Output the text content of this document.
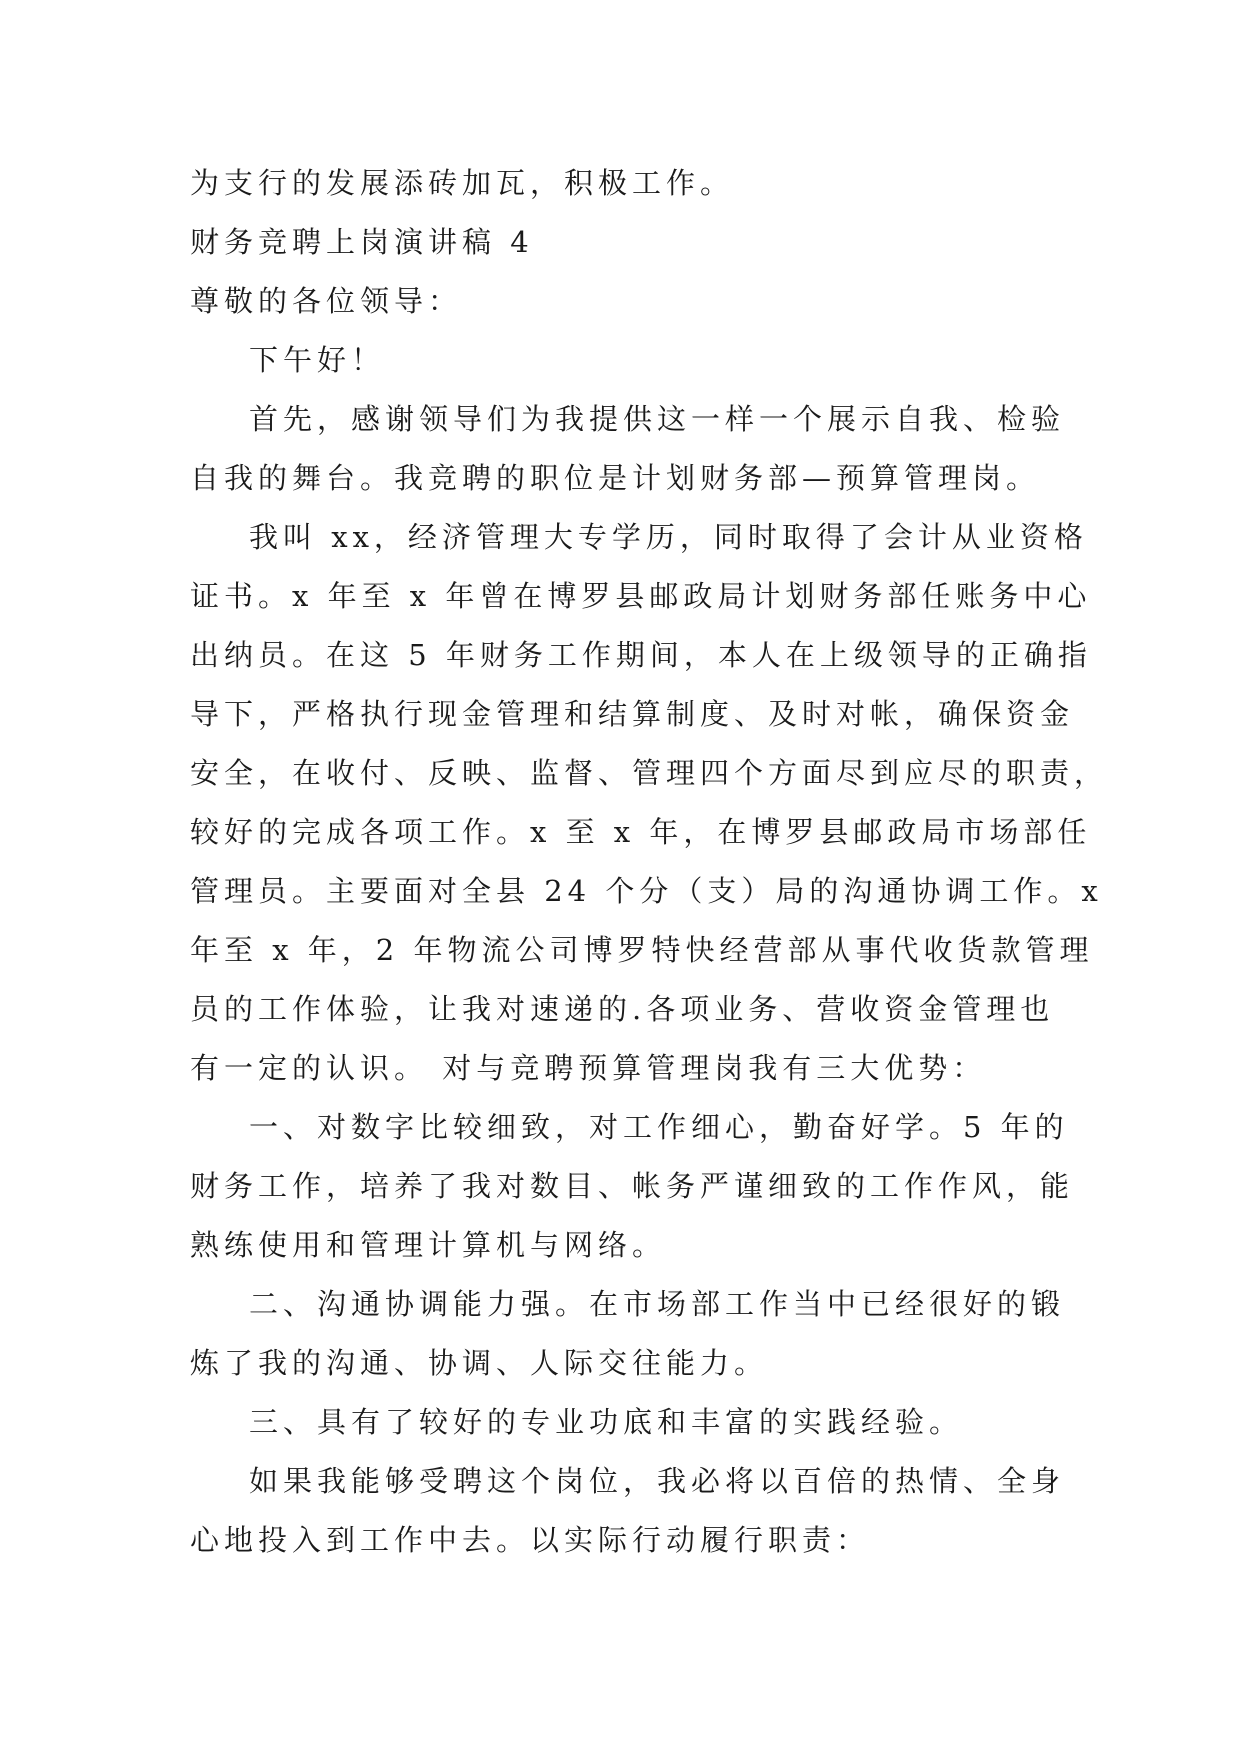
为支行的发展添砖加瓦，积极工作。

财务竞聘上岗演讲稿 4

尊敬的各位领导：

下午好！

首先，感谢领导们为我提供这一样一个展示自我、检验

自我的舞台。我竞聘的职位是计划财务部—预算管理岗。

我叫 xx，经济管理大专学历，同时取得了会计从业资格

证书。x 年至 x 年曾在博罗县邮政局计划财务部任账务中心

出纳员。在这 5 年财务工作期间，本人在上级领导的正确指

导下，严格执行现金管理和结算制度、及时对帐，确保资金

安全，在收付、反映、监督、管理四个方面尽到应尽的职责，

较好的完成各项工作。x 至 x 年，在博罗县邮政局市场部任

管理员。主要面对全县 24 个分（支）局的沟通协调工作。x

年至 x 年，2 年物流公司博罗特快经营部从事代收货款管理

员的工作体验，让我对速递的.各项业务、营收资金管理也

有一定的认识。 对与竞聘预算管理岗我有三大优势：

一、对数字比较细致，对工作细心，勤奋好学。5 年的

财务工作，培养了我对数目、帐务严谨细致的工作作风，能

熟练使用和管理计算机与网络。

二、沟通协调能力强。在市场部工作当中已经很好的锻

炼了我的沟通、协调、人际交往能力。

三、具有了较好的专业功底和丰富的实践经验。

如果我能够受聘这个岗位，我必将以百倍的热情、全身

心地投入到工作中去。以实际行动履行职责：
